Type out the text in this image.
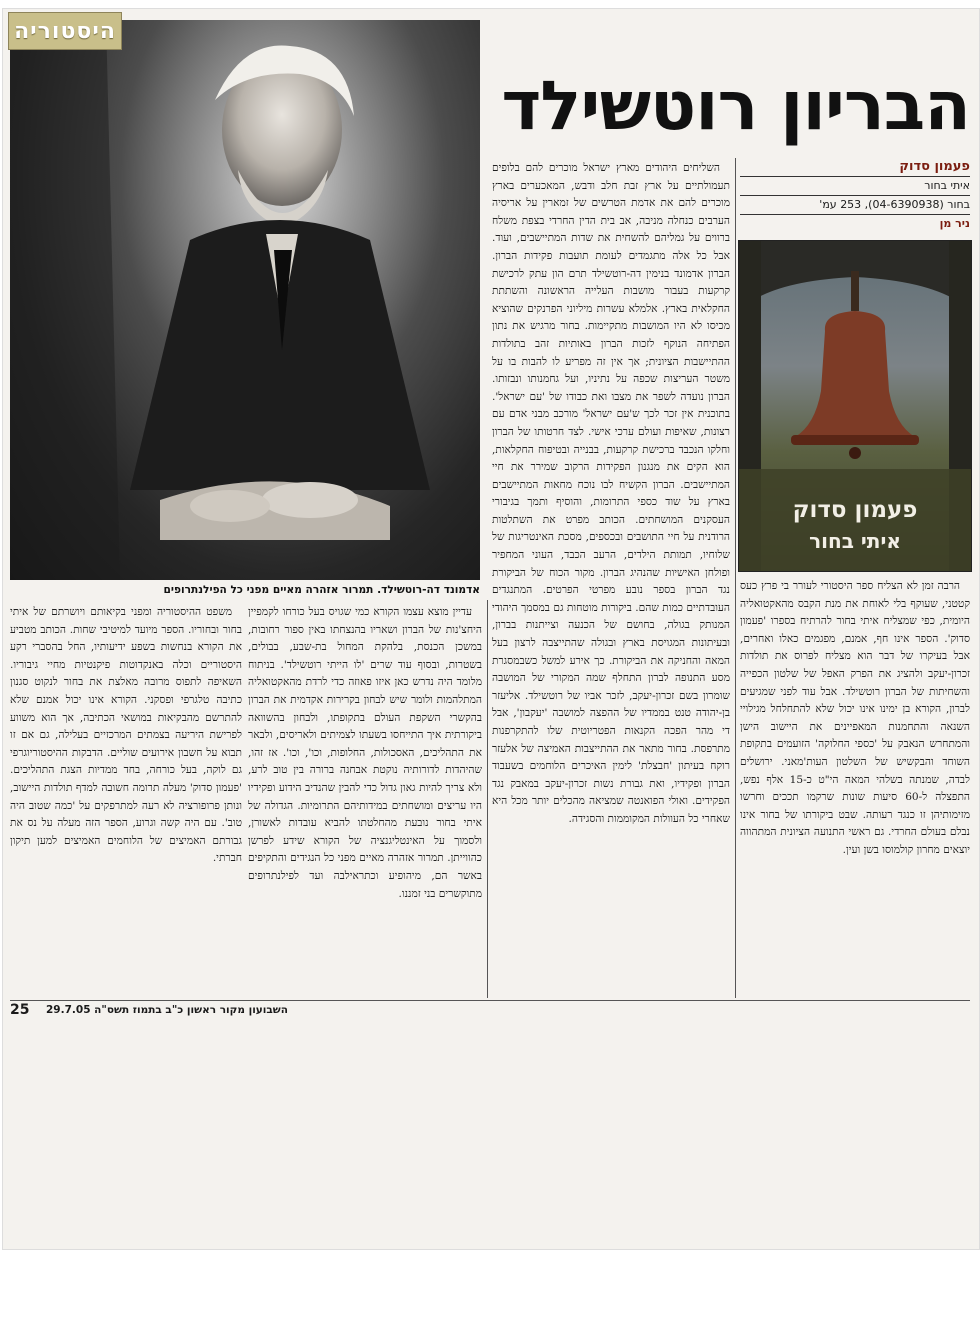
היסטוריה
אדמונד דה-רוטשילד. תמרור אזהרה מאיים מפני כל הפילנתרופים
הבריון רוטשילד
פעמון סדוק
איתי בחור
בחור (04-6390938), 253 עמ'
ניר מן
פעמון סדוק
איתי בחור

השליחים היהודים מארץ ישראל מוכרים להם בלופים תעמולתיים על ארץ זבת חלב ודבש, המאכערים בארץ מוכרים להם את אדמת הטרשים של זמארין על אריסיה הערבים כנחלה מניבה, אב בית הדין החרדי בצפת משלח ברווים על גמליהם להשחית את שדות המתיישבים, ועוד. אבל כל אלה מתגמדים לעומת תועבות פקידות הברון. הברון אדמונד בנימין דה-רוטשילד תרם הון עתק לרכישת קרקעות בעבור מושבות העלייה הראשונה והשתתת החקלאית בארץ. אלמלא עשרות מיליוני הפרנקים שהוציא מכיסו לא היו המושבות מתקיימות. בחור מרגיש את נתון הפתיחה הנוקף לזכות הברון באותיות זהב בתולדות ההתיישבות הציונית; אך אין זה מפריע לו להבות בו על משטר העריצות שכפה על נתיניו, ועל גחמנותו ונבזותו. הברון נועדה לשפר את מצבו ואת כבודו של 'עם ישראל'. בתוכנית אין זכר לכך ש'עם ישראל' מורכב מבני אדם עם רצונות, שאיפות ועולם ערכי אישי. לצד חרטותו של הברון וחלקו הנכבד ברכישת קרקעות, בבנייה ובטיפוח החקלאות, הוא הקים את מנגנון הפקידות הרקוב שמירר את חיי המתיישבים. הברון הקשיח לבו נוכח מחאות המתיישבים בארץ על שוד כספי התרומות, והוסיף ותמך בגיבורי העסקנים המושחתים. הכותב מפרט את השתלטות הרודנית על חיי התושבים ובכספים, מסכת האינטריגות של שלוחיו, תמותת הילדים, הרעב הכבד, העוני המחפיר ופולחן האישיות שהנהיג הברון. מקור הכוח של הביקורת נגד הברון בספר נובע מפרטי הפרטים. המתנגדים העובדתיים כמות שהם. ביקורות מוטחות גם במסמך היהודי המנותק בגולה, בחושם של הכנעה וצייתנות בברון, ובעיתונות המגויסת בארץ ובגולה שהתייצבה לרצון בעל המאה והחניקה את הביקורת. כך אירע למשל כשבמסגרת מסע התנופה לברון התחלף שמה המקורי של המושבה שומרון בשם זכרון-יעקב, לזכר אביו של רוטשילד. אליעזר בן-יהודה טנט בממדיו של ההפצה למושבה 'יעקבון', אבל די מהר הפכה הקנאות הפטריוטית שלו להתקרפנות מתרפסת. בחור מתאר את ההתייצבות האמיצה של אלעזר רוקח בעיתון 'חבצלת' לימין האיכרים הלוחמים בשעבוד הברון ופקידיו, ואת גבורת נשות זכרון-יעקב במאבק נגד הפקידים. ואולי הפואנטה שמציאה מהכלים יותר מכל היא שאחרי כל העוולות המקוממות והסגידה.

הרבה זמן לא הצליח ספר היסטורי לעורר בי פרץ כעס קטטני, שעוקף בלי לאוחת את מנת הקבס מהאקטואליה היומית, כפי שמצליח איתי בחור להרתיח בספרו 'פעמון סדוק'. הספר אינו חף, אמנם, מפגמים כאלו ואחרים, אבל בעיקרו של דבר הוא מצליח לפרוס את תולדות זכרון-יעקב ולהציג את הפרק האפל של שלטון הכפייה והשחיתות של הברון רוטשילד. אבל עוד לפני שמגיעים לברון, הקורא בן ימינו אינו יכול שלא להתחלחל מגילויי השנאה והתחמנות המאפיינים את היישוב הישן והמתחרש הנאבק על 'כספי החלוקה' הזועמים בתקופת השוחד והבקשיש של השלטון העות'מאני. ירושלים לבדה, שמנתה בשלהי המאה הי"ט כ-15 אלף נפש, התפצלה ל-60 סיעות שונות שרקמו תככים וחרשו מזימותיהן זו כנגד רעותה. שבט ביקורתו של בחור אינו נבלם בעולם החרדי. גם ראשי התנועה הציונית המתהווה יוצאים מחרון קולמוסו בשן ועין.

עדיין מוצא עצמו הקורא כמי שגויס בעל כורחו לקמפיין היחצ'נות של הברון ושאריו בהנצחתו באין ספור רחובות, במשכן הכנסת, בלהקת המחול בת-שבע, בבולים, בשטרות, ובסוף עוד שרים 'לו הייתי רוטשילד'. בניתוח מלומד היה נדרש כאן איזו פאוזה כדי לרדת מהאקטואליה המתלהמות ולומר שיש לבחון בקרירות אקדמית את הברון בהקשרי השקפת העולם בתקופתו, ולבחון בהשוואה ביקורתית איך התייחסו בשעתו לצמיתים ולאריסים, ולבאר את התהליכים, האסכולות, החלופות, וכו', וכו'. אז זהו, שהיהדות לדורותיה נוקטת אבחנה ברורה בין טוב לרע, ולא צריך להיות גאון גדול כדי להבין שהנדיב הידוע ופקידיו היו עריצים ומושחתים במידותיהם התרומיות. הגדולה של איתי בחור נובעת מהחלטתו להביא עובדות לאשורן, ולסמוך על האינטליגנציה של הקורא שידע לפרשן כהווייתן. תמרור אזהרה מאיים מפני כל הנגידים והתקיפים באשר הם, מיהופיע וכתראילבה ועד לפילנתרופים מתוקשרים בני זמננו.

משפט ההיסטוריה ומפני בקיאותם ויושרתם של איתי בחור ובחוריו. הספר מיועד למיטיבי שחות. הכותב מטביע את הקורא בנחשות בשפע ידיעותיו, החל בהסברי רקע היסטוריים וכלה באנקדוטות פיקנטיות מחיי גיבוריו. השאיפה לתפוס מרובה מאלצת את בחור לנקוט סגנון כתיבה טלגרפי ופסקני. הקורא אינו יכול אמנם שלא להתרשם מהבקיאות במושאי הכתיבה, אך הוא משווע לפרישת היריעה בצמתים המרכזיים בעלילה, גם אם זו תבוא על חשבון אירועים שוליים. הדבקות ההיסטוריוגרפי גם לוקה, בעל כורחה, בחד ממדיות הצגת התהליכים. 'פעמון סדוק' מעלה תרומה חשובה למדף תולדות היישוב, ונותן פרופורציה לא רעה למתרפקים על 'כמה שטוב היה טוב'. עם היה קשה וגרוע, הספר הזה מעלה על נס את גבורתם האמיצים של הלוחמים האמיצים למען תיקון חברתי.

25 השבועון מקור ראשון כ"ב בתמוז תשס"ה 29.7.05
